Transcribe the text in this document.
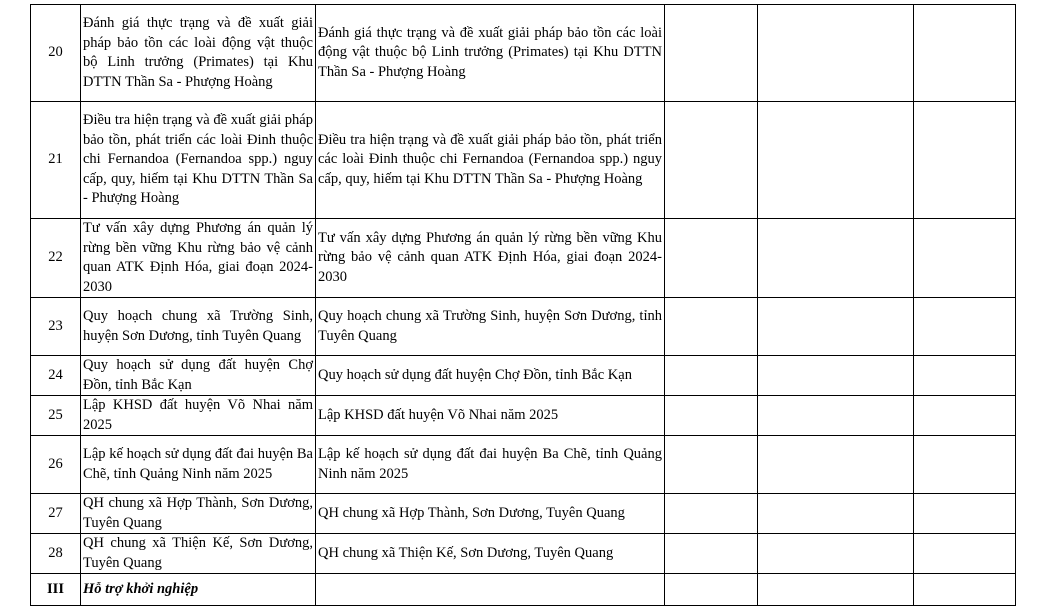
20	Đánh giá thực trạng và đề xuất giải pháp bảo tồn các loài động vật thuộc bộ Linh trưởng (Primates) tại Khu DTTN Thần Sa - Phượng Hoàng	Đánh giá thực trạng và đề xuất giải pháp bảo tồn các loài động vật thuộc bộ Linh trưởng (Primates) tại Khu DTTN Thần Sa - Phượng Hoàng			
21	Điều tra hiện trạng và đề xuất giải pháp bảo tồn, phát triển các loài Đinh thuộc chi Fernandoa (Fernandoa spp.) nguy cấp, quy, hiếm tại Khu DTTN Thần Sa - Phượng Hoàng	Điều tra hiện trạng và đề xuất giải pháp bảo tồn, phát triển các loài Đinh thuộc chi Fernandoa (Fernandoa spp.) nguy cấp, quy, hiếm tại Khu DTTN Thần Sa - Phượng Hoàng			
22	Tư vấn xây dựng Phương án quản lý rừng bền vững Khu rừng bảo vệ cảnh quan ATK Định Hóa, giai đoạn 2024-2030	Tư vấn xây dựng Phương án quản lý rừng bền vững Khu rừng bảo vệ cảnh quan ATK Định Hóa, giai đoạn 2024-2030			
23	Quy hoạch chung xã Trường Sinh, huyện Sơn Dương, tỉnh Tuyên Quang	Quy hoạch chung xã Trường Sinh, huyện Sơn Dương, tỉnh Tuyên Quang			
24	Quy hoạch sử dụng đất huyện Chợ Đồn, tỉnh Bắc Kạn	Quy hoạch sử dụng đất huyện Chợ Đồn, tỉnh Bắc Kạn			
25	Lập KHSD đất huyện Võ Nhai năm 2025	Lập KHSD đất huyện Võ Nhai năm 2025			
26	Lập kế hoạch sử dụng đất đai huyện Ba Chẽ, tỉnh Quảng Ninh năm 2025	Lập kế hoạch sử dụng đất đai huyện Ba Chẽ, tỉnh Quảng Ninh năm 2025			
27	QH chung xã Hợp Thành, Sơn Dương, Tuyên Quang	QH chung xã Hợp Thành, Sơn Dương, Tuyên Quang			
28	QH chung xã Thiện Kế, Sơn Dương, Tuyên Quang	QH chung xã Thiện Kế, Sơn Dương, Tuyên Quang			
III	Hỗ trợ khởi nghiệp				
